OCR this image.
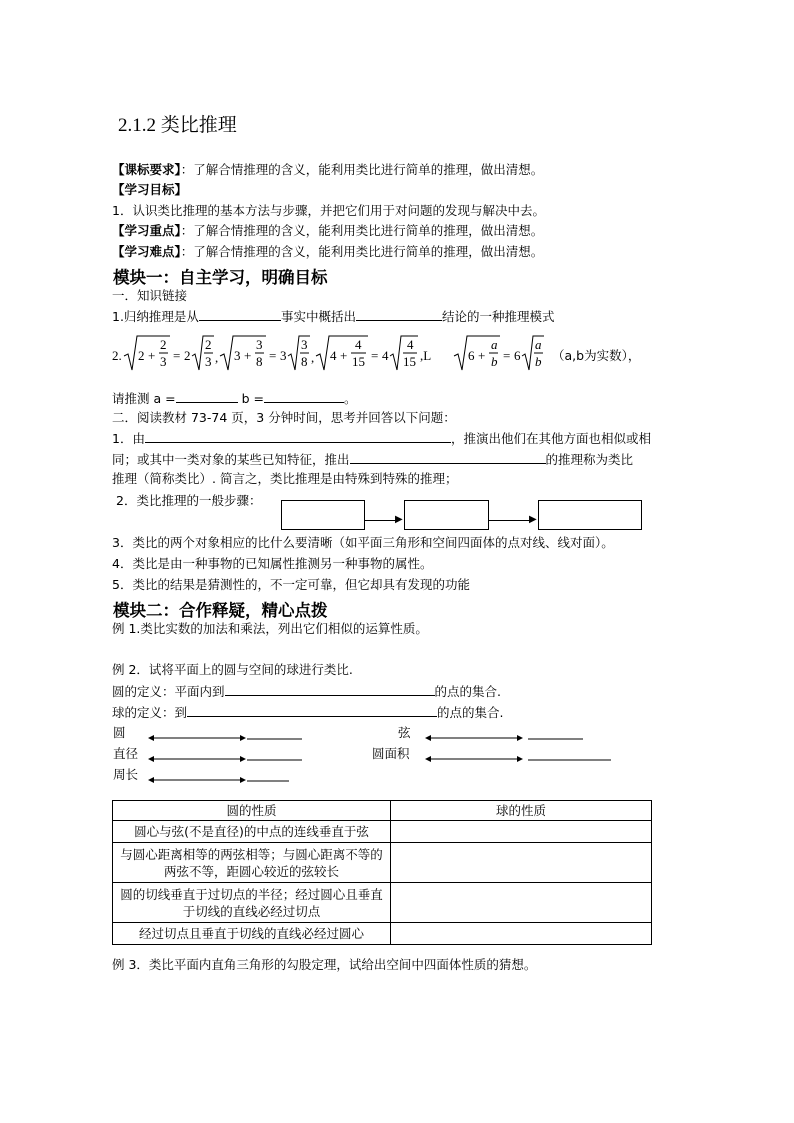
2.1.2 类比推理
【课标要求】：了解合情推理的含义，能利用类比进行简单的推理，做出清想。
【学习目标】
1．认识类比推理的基本方法与步骤，并把它们用于对问题的发现与解决中去。
【学习重点】：了解合情推理的含义，能利用类比进行简单的推理，做出清想。
【学习难点】：了解合情推理的含义，能利用类比进行简单的推理，做出清想。
模块一：自主学习，明确目标
一．知识链接
1.归纳推理是从	事实中概括出	结论的一种推理模式
2. 2 +
2
3 = 2
2
3 , 3 +
3
8 = 3
3
8 , 4 +
4
15 = 4
4
15 ,L	6 +
a
b = 6
a
b （a,b为实数），
请推测 a =	b =	。
二．阅读教材 73-74 页，3 分钟时间，思考并回答以下问题：
1．由	，推演出他们在其他方面也相似或相
同；或其中一类对象的某些已知特征，推出	的推理称为类比
推理（简称类比）. 简言之，类比推理是由特殊到特殊的推理；
2．类比推理的一般步骤：
▶	▶
3．类比的两个对象相应的比什么要清晰（如平面三角形和空间四面体的点对线、线对面）。
4．类比是由一种事物的已知属性推测另一种事物的属性。
5．类比的结果是猜测性的，不一定可靠，但它却具有发现的功能
模块二：合作释疑，精心点拨
例 1.类比实数的加法和乘法，列出它们相似的运算性质。
例 2．试将平面上的圆与空间的球进行类比.
圆的定义：平面内到	的点的集合.
球的定义：到	的点的集合.
圆	弦
直径	圆面积
周长
圆的性质	球的性质
圆心与弦(不是直径)的中点的连线垂直于弦	
与圆心距离相等的两弦相等；与圆心距离不等的两弦不等，距圆心较近的弦较长	
圆的切线垂直于过切点的半径；经过圆心且垂直于切线的直线必经过切点	
经过切点且垂直于切线的直线必经过圆心	
例 3．类比平面内直角三角形的勾股定理，试给出空间中四面体性质的猜想。
